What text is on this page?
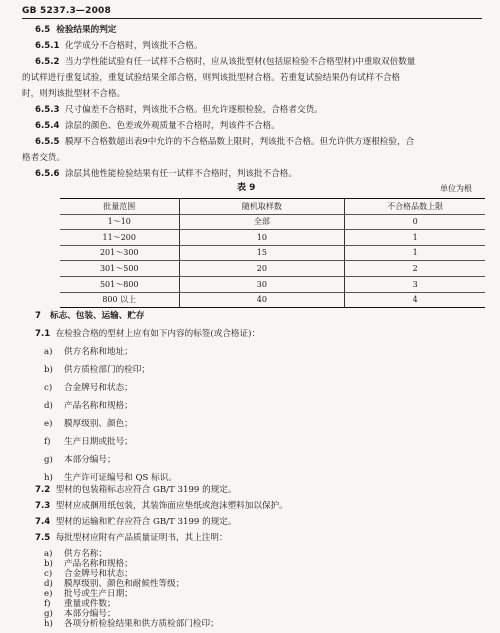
GB 5237.3—2008
6.5 检验结果的判定
6.5.1 化学成分不合格时，判该批不合格。
6.5.2 当力学性能试验有任一试样不合格时，应从该批型材(包括原检验不合格型材)中重取双倍数量
的试样进行重复试验，重复试验结果全部合格，则判该批型材合格。若重复试验结果仍有试样不合格
时，则判该批型材不合格。
6.5.3 尺寸偏差不合格时，判该批不合格。但允许逐根检验，合格者交货。
6.5.4 涂层的颜色、色差或外观质量不合格时，判该件不合格。
6.5.5 膜厚不合格数超出表9中允许的不合格品数上限时，判该批不合格。但允许供方逐根检验，合
格者交货。
6.5.6 涂层其他性能检验结果有任一试样不合格时，判该批不合格。
表 9	单位为根
批量范围	随机取样数	不合格品数上限
1～10	全部	0
11～200	10	1
201～300	15	1
301～500	20	2
501～800	30	3
800 以上	40	4
7 标志、包装、运输、贮存
7.1 在检验合格的型材上应有如下内容的标签(或合格证)：
a) 供方名称和地址；
b) 供方质检部门的检印；
c) 合金牌号和状态；
d) 产品名称和规格；
e) 膜厚级别、颜色；
f) 生产日期或批号；
g) 本部分编号；
h) 生产许可证编号和 QS 标识。
7.2 型材的包装箱标志应符合 GB/T 3199 的规定。
7.3 型材应成捆用纸包装，其装饰面应垫纸或泡沫塑料加以保护。
7.4 型材的运输和贮存应符合 GB/T 3199 的规定。
7.5 每批型材应附有产品质量证明书，其上注明：
a) 供方名称；
b) 产品名称和规格；
c) 合金牌号和状态；
d) 膜厚级别、颜色和耐候性等级；
e) 批号或生产日期；
f) 重量或件数；
g) 本部分编号；
h) 各项分析检验结果和供方质检部门检印；
